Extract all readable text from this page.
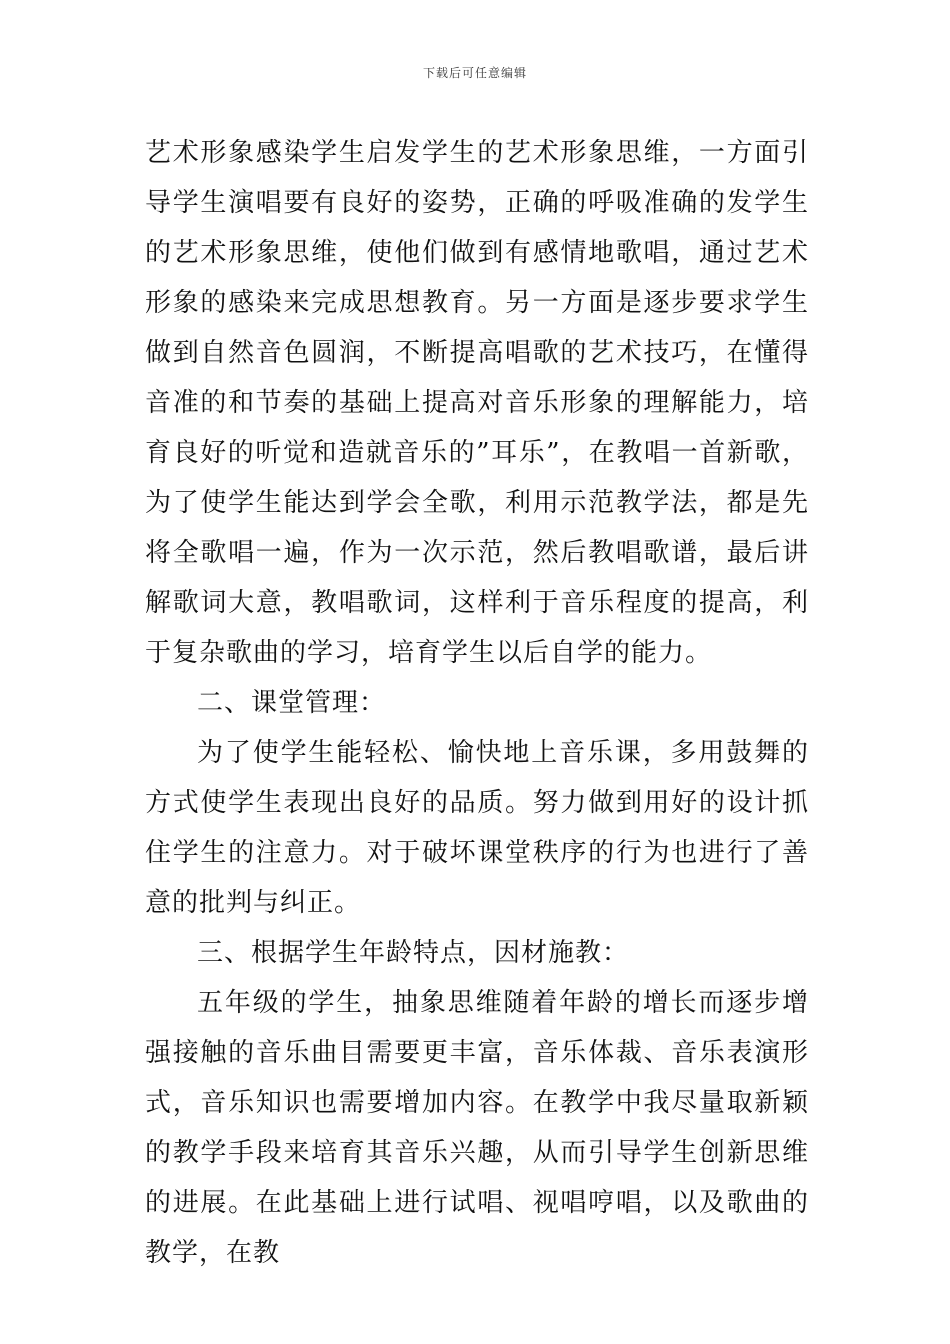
下载后可任意编辑

艺术形象感染学生启发学生的艺术形象思维，一方面引导学生演唱要有良好的姿势，正确的呼吸准确的发学生的艺术形象思维，使他们做到有感情地歌唱，通过艺术形象的感染来完成思想教育。另一方面是逐步要求学生做到自然音色圆润，不断提高唱歌的艺术技巧，在懂得音准的和节奏的基础上提高对音乐形象的理解能力，培育良好的听觉和造就音乐的”耳乐”，在教唱一首新歌，为了使学生能达到学会全歌，利用示范教学法，都是先将全歌唱一遍，作为一次示范，然后教唱歌谱，最后讲解歌词大意，教唱歌词，这样利于音乐程度的提高，利于复杂歌曲的学习，培育学生以后自学的能力。

二、课堂管理：

为了使学生能轻松、愉快地上音乐课，多用鼓舞的方式使学生表现出良好的品质。努力做到用好的设计抓住学生的注意力。对于破坏课堂秩序的行为也进行了善意的批判与纠正。

三、根据学生年龄特点，因材施教：

五年级的学生，抽象思维随着年龄的增长而逐步增强接触的音乐曲目需要更丰富，音乐体裁、音乐表演形式，音乐知识也需要增加内容。在教学中我尽量取新颖的教学手段来培育其音乐兴趣，从而引导学生创新思维的进展。在此基础上进行试唱、视唱哼唱，以及歌曲的教学，在教
